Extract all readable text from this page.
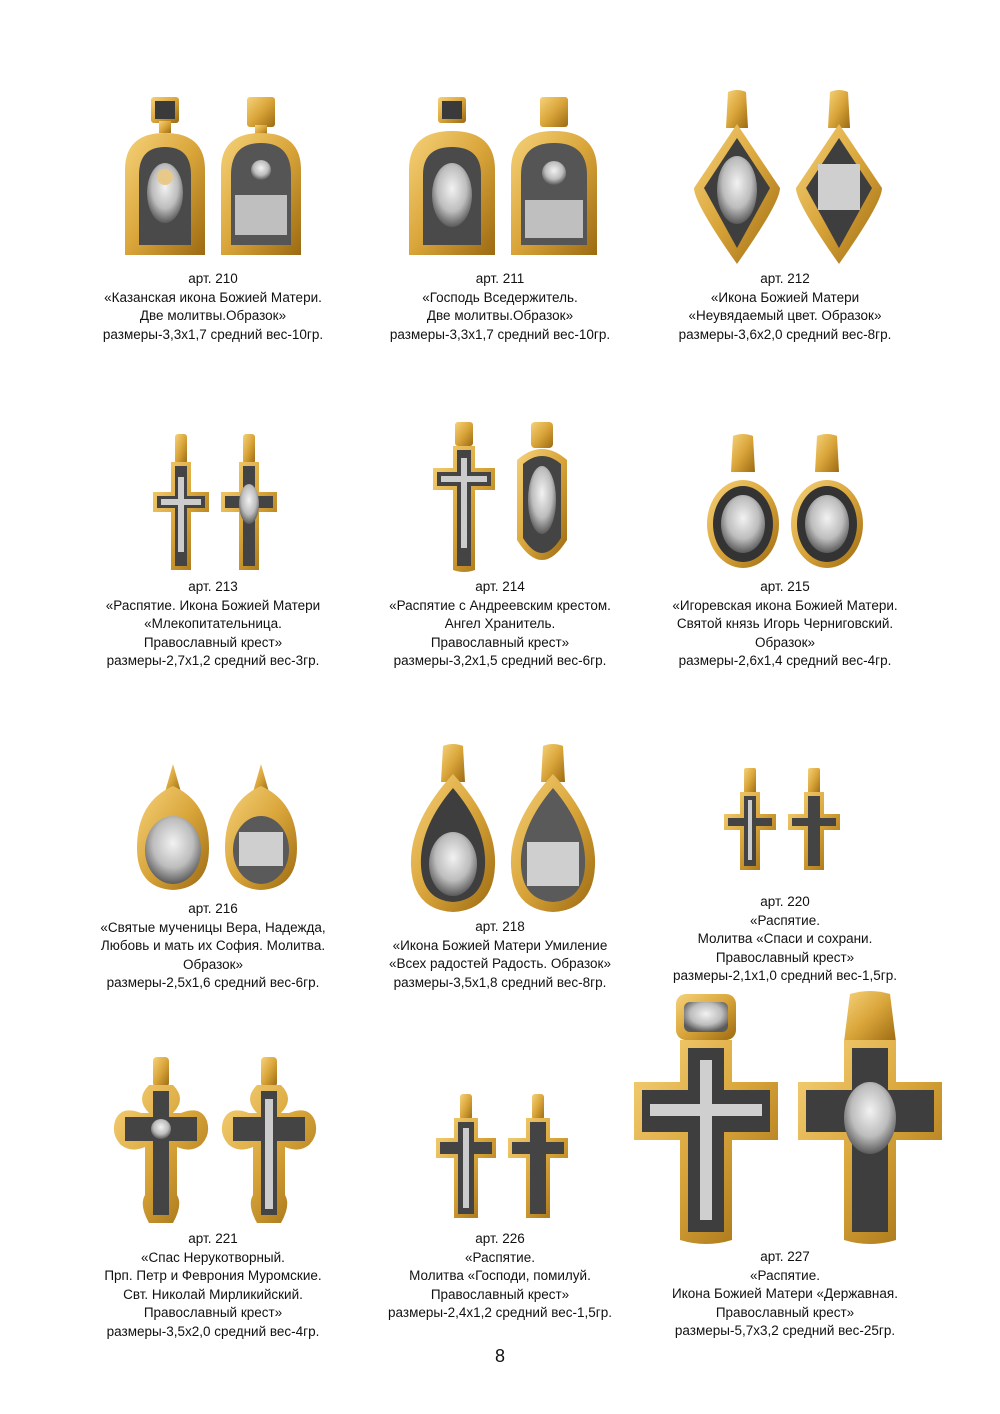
арт. 210
«Казанская икона Божией Матери.
Две молитвы.Образок»
размеры-3,3х1,7 средний вес-10гр.
арт. 211
«Господь Вседержитель.
Две молитвы.Образок»
размеры-3,3х1,7 средний вес-10гр.
арт. 212
«Икона Божией Матери
«Неувядаемый цвет. Образок»
размеры-3,6х2,0 средний вес-8гр.
арт. 213
«Распятие. Икона Божией Матери
«Млекопитательница.
Православный крест»
размеры-2,7х1,2 средний вес-3гр.
арт. 214
«Распятие с Андреевским крестом.
Ангел Хранитель.
Православный крест»
размеры-3,2х1,5 средний вес-6гр.
арт. 215
«Игоревская икона Божией Матери.
Святой князь Игорь Черниговский.
Образок»
размеры-2,6х1,4 средний вес-4гр.
арт. 216
«Святые мученицы Вера, Надежда,
Любовь и мать их София. Молитва.
Образок»
размеры-2,5х1,6 средний вес-6гр.
арт. 218
«Икона Божией Матери Умиление
«Всех радостей Радость. Образок»
размеры-3,5х1,8 средний вес-8гр.
арт. 220
«Распятие.
Молитва «Спаси и сохрани.
Православный крест»
размеры-2,1х1,0 средний вес-1,5гр.
арт. 221
«Спас Нерукотворный.
Прп. Петр и Феврония Муромские.
Свт. Николай Мирликийский.
Православный крест»
размеры-3,5х2,0 средний вес-4гр.
арт. 226
«Распятие.
Молитва «Господи, помилуй.
Православный крест»
размеры-2,4х1,2 средний вес-1,5гр.
арт. 227
«Распятие.
Икона Божией Матери «Державная.
Православный крест»
размеры-5,7х3,2 средний вес-25гр.
8
